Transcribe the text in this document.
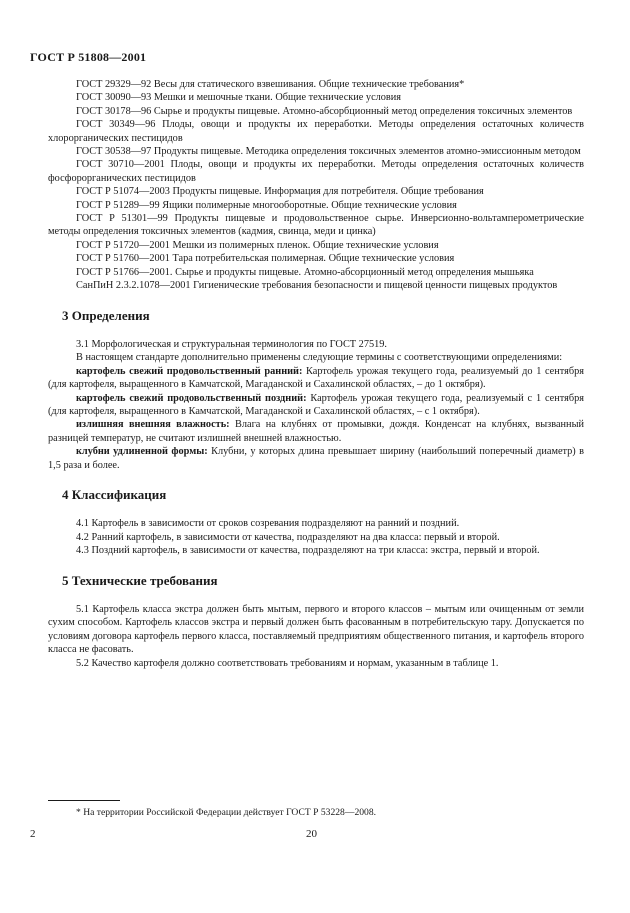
ГОСТ Р 51808—2001

ГОСТ 29329—92 Весы для статического взвешивания. Общие технические требования*

ГОСТ 30090—93 Мешки и мешочные ткани. Общие технические условия

ГОСТ 30178—96 Сырье и продукты пищевые. Атомно-абсорбционный метод определения токсичных элементов

ГОСТ 30349—96 Плоды, овощи и продукты их переработки. Методы определения остаточных количеств хлорорганических пестицидов

ГОСТ 30538—97 Продукты пищевые. Методика определения токсичных элементов атомно-эмиссионным методом

ГОСТ 30710—2001 Плоды, овощи и продукты их переработки. Методы определения остаточных количеств фосфорорганических пестицидов

ГОСТ Р 51074—2003 Продукты пищевые. Информация для потребителя. Общие требования

ГОСТ Р 51289—99 Ящики полимерные многооборотные. Общие технические условия

ГОСТ Р 51301—99 Продукты пищевые и продовольственное сырье. Инверсионно-вольтамперометрические методы определения токсичных элементов (кадмия, свинца, меди и цинка)

ГОСТ Р 51720—2001 Мешки из полимерных пленок. Общие технические условия

ГОСТ Р 51760—2001 Тара потребительская полимерная. Общие технические условия

ГОСТ Р 51766—2001. Сырье и продукты пищевые. Атомно-абсорционный метод определения мышьяка

СанПиН 2.3.2.1078—2001 Гигиенические требования безопасности и пищевой ценности пищевых продуктов

3 Определения

3.1 Морфологическая и структуральная терминология по ГОСТ 27519.

В настоящем стандарте дополнительно применены следующие термины с соответствующими определениями:

картофель свежий продовольственный ранний: Картофель урожая текущего года, реализуемый до 1 сентября (для картофеля, выращенного в Камчатской, Магаданской и Сахалинской областях, – до 1 октября).

картофель свежий продовольственный поздний: Картофель урожая текущего года, реализуемый с 1 сентября (для картофеля, выращенного в Камчатской, Магаданской и Сахалинской областях, – с 1 октября).

излишняя внешняя влажность: Влага на клубнях от промывки, дождя. Конденсат на клубнях, вызванный разницей температур, не считают излишней внешней влажностью.

клубни удлиненной формы: Клубни, у которых длина превышает ширину (наибольший поперечный диаметр) в 1,5 раза и более.

4 Классификация

4.1 Картофель в зависимости от сроков созревания подразделяют на ранний и поздний.

4.2 Ранний картофель, в зависимости от качества, подразделяют на два класса: первый и второй.

4.3 Поздний картофель, в зависимости от качества, подразделяют на три класса: экстра, первый и второй.

5 Технические требования

5.1 Картофель класса экстра должен быть мытым, первого и второго классов – мытым или очищенным от земли сухим способом. Картофель классов экстра и первый должен быть фасованным в потребительскую тару. Допускается по условиям договора картофель первого класса, поставляемый предприятиям общественного питания, и картофель второго класса не фасовать.

5.2 Качество картофеля должно соответствовать требованиям и нормам, указанным в таблице 1.

* На территории Российской Федерации действует ГОСТ Р 53228—2008.
2	20
